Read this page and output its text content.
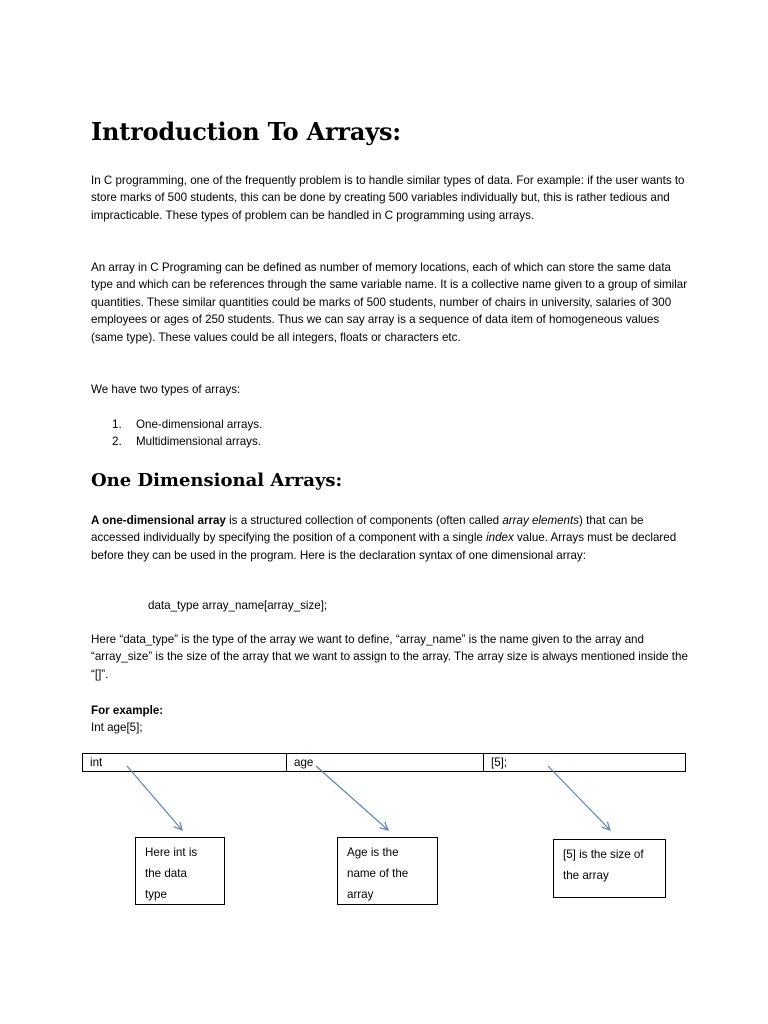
Introduction To Arrays:

In C programming, one of the frequently problem is to handle similar types of data. For example: if the user wants to store marks of 500 students, this can be done by creating 500 variables individually but, this is rather tedious and impracticable. These types of problem can be handled in C programming using arrays.

An array in C Programing can be defined as number of memory locations, each of which can store the same data type and which can be references through the same variable name. It is a collective name given to a group of similar quantities. These similar quantities could be marks of 500 students, number of chairs in university, salaries of 300 employees or ages of 250 students. Thus we can say array is a sequence of data item of homogeneous values (same type). These values could be all integers, floats or characters etc.

We have two types of arrays:

1. One-dimensional arrays.
2. Multidimensional arrays.
One Dimensional Arrays:

A one-dimensional array is a structured collection of components (often called array elements) that can be accessed individually by specifying the position of a component with a single index value. Arrays must be declared before they can be used in the program. Here is the declaration syntax of one dimensional array:

data_type array_name[array_size];

Here “data_type” is the type of the array we want to define, “array_name” is the name given to the array and “array_size” is the size of the array that we want to assign to the array. The array size is always mentioned inside the “[]”.

For example:
Int age[5];

int	age	[5];
Here int is
the data
type
Age is the
name of the
array
[5] is the size of
the array
